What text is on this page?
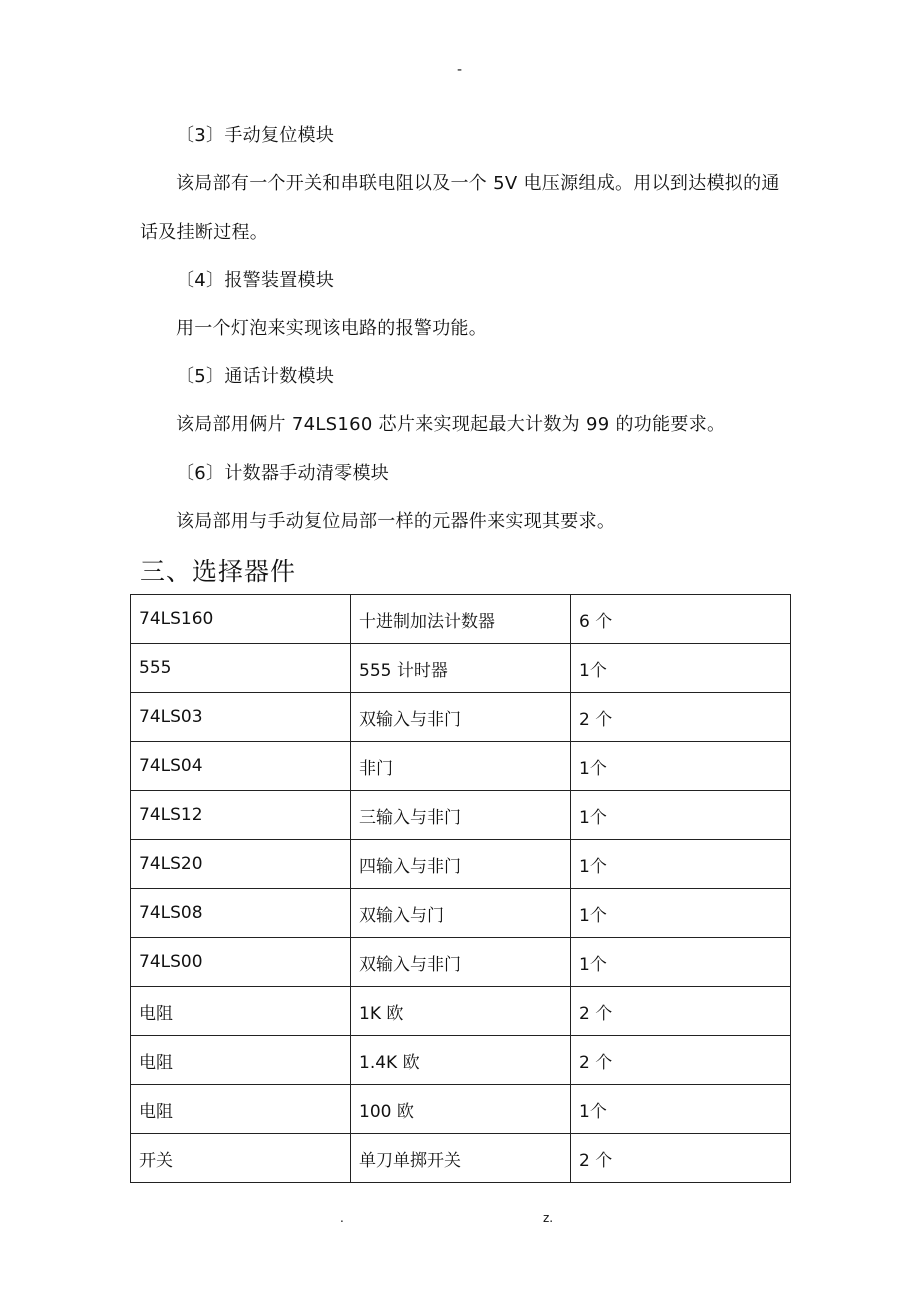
-
〔3〕手动复位模块
该局部有一个开关和串联电阻以及一个 5V 电压源组成。用以到达模拟的通
话及挂断过程。
〔4〕报警装置模块
用一个灯泡来实现该电路的报警功能。
〔5〕通话计数模块
该局部用俩片 74LS160 芯片来实现起最大计数为 99 的功能要求。
〔6〕计数器手动清零模块
该局部用与手动复位局部一样的元器件来实现其要求。
三、选择器件
74LS160	十进制加法计数器	6 个
555	555 计时器	1个
74LS03	双输入与非门	2 个
74LS04	非门	1个
74LS12	三输入与非门	1个
74LS20	四输入与非门	1个
74LS08	双输入与门	1个
74LS00	双输入与非门	1个
电阻	1K 欧	2 个
电阻	1.4K 欧	2 个
电阻	100 欧	1个
开关	单刀单掷开关	2 个
.	z.
